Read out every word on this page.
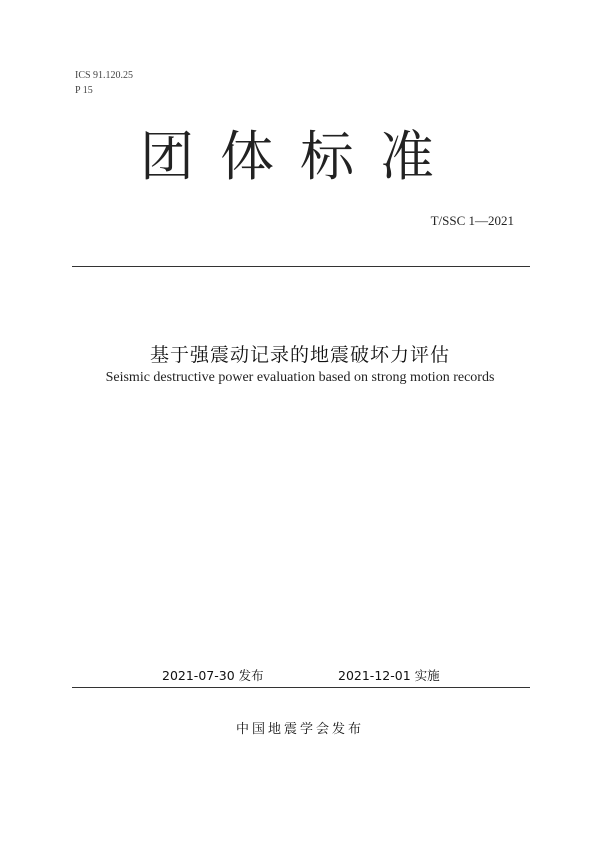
ICS 91.120.25
P 15
团体标准
T/SSC 1—2021
基于强震动记录的地震破坏力评估
Seismic destructive power evaluation based on strong motion records
2021-07-30 发布	2021-12-01 实施
中国地震学会发布
